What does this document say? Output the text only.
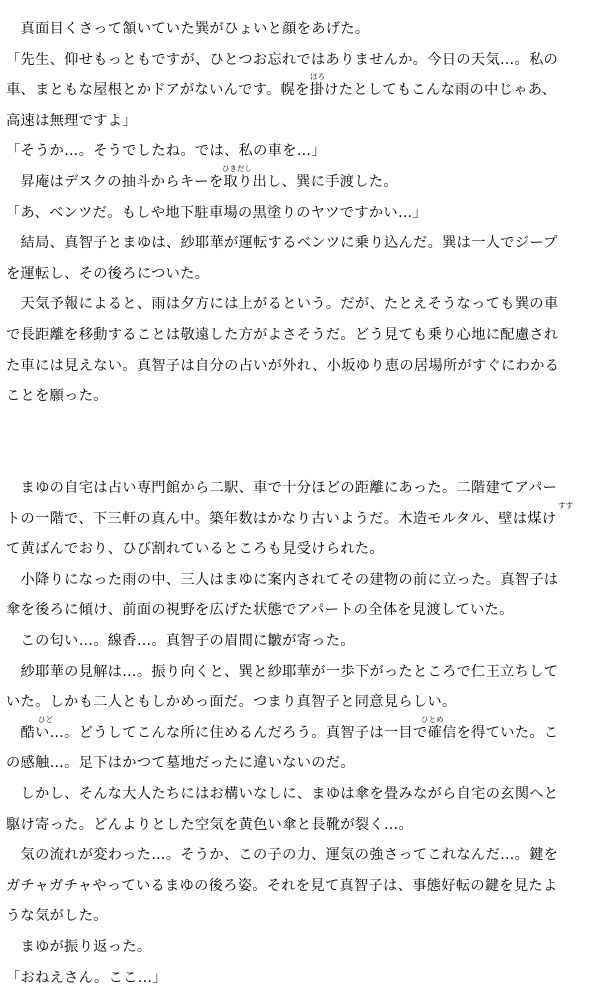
　真面目くさって頷いていた巽がひょいと顔をあげた。
「先生、仰せもっともですが、ひとつお忘れではありませんか。今日の天気…。私の
車、まともな屋根とかドアがないんです。幌を掛けたとしてもこんな雨の中じゃあ、
高速は無理ですよ」
「そうか…。そうでしたね。では、私の車を…」
　昇庵はデスクの抽斗からキーを取り出し、巽に手渡した。
「あ、ベンツだ。もしや地下駐車場の黒塗りのヤツですかい…」
　結局、真智子とまゆは、紗耶華が運転するベンツに乗り込んだ。巽は一人でジープ
を運転し、その後ろについた。
　天気予報によると、雨は夕方には上がるという。だが、たとえそうなっても巽の車
で長距離を移動することは敬遠した方がよさそうだ。どう見ても乗り心地に配慮され
た車には見えない。真智子は自分の占いが外れ、小坂ゆり恵の居場所がすぐにわかる
ことを願った。
　まゆの自宅は占い専門館から二駅、車で十分ほどの距離にあった。二階建てアパー
トの一階で、下三軒の真ん中。築年数はかなり古いようだ。木造モルタル、壁は煤け
て黄ばんでおり、ひび割れているところも見受けられた。
　小降りになった雨の中、三人はまゆに案内されてその建物の前に立った。真智子は
傘を後ろに傾け、前面の視野を広げた状態でアパートの全体を見渡していた。
　この匂い…。線香…。真智子の眉間に皺が寄った。
　紗耶華の見解は…。振り向くと、巽と紗耶華が一歩下がったところで仁王立ちして
いた。しかも二人ともしかめっ面だ。つまり真智子と同意見らしい。
　酷い…。どうしてこんな所に住めるんだろう。真智子は一目で確信を得ていた。こ
の感触…。足下はかつて墓地だったに違いないのだ。
　しかし、そんな大人たちにはお構いなしに、まゆは傘を畳みながら自宅の玄関へと
駆け寄った。どんよりとした空気を黄色い傘と長靴が裂く…。
　気の流れが変わった…。そうか、この子の力、運気の強さってこれなんだ…。鍵を
ガチャガチャやっているまゆの後ろ姿。それを見て真智子は、事態好転の鍵を見たよ
うな気がした。
　まゆが振り返った。
「おねえさん。ここ…」
ほろ
ひきだし
すす
ひど	ひとめ
